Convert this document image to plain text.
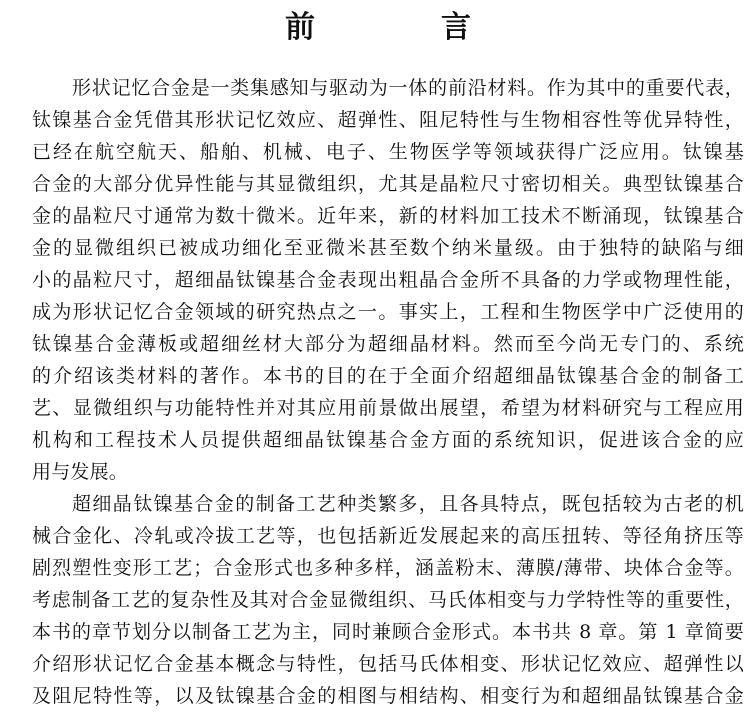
前　言
形状记忆合金是一类集感知与驱动为一体的前沿材料。作为其中的重要代表，
钛镍基合金凭借其形状记忆效应、超弹性、阻尼特性与生物相容性等优异特性，
已经在航空航天、船舶、机械、电子、生物医学等领域获得广泛应用。钛镍基
合金的大部分优异性能与其显微组织，尤其是晶粒尺寸密切相关。典型钛镍基合
金的晶粒尺寸通常为数十微米。近年来，新的材料加工技术不断涌现，钛镍基合
金的显微组织已被成功细化至亚微米甚至数个纳米量级。由于独特的缺陷与细
小的晶粒尺寸，超细晶钛镍基合金表现出粗晶合金所不具备的力学或物理性能，
成为形状记忆合金领域的研究热点之一。事实上，工程和生物医学中广泛使用的
钛镍基合金薄板或超细丝材大部分为超细晶材料。然而至今尚无专门的、系统
的介绍该类材料的著作。本书的目的在于全面介绍超细晶钛镍基合金的制备工
艺、显微组织与功能特性并对其应用前景做出展望，希望为材料研究与工程应用
机构和工程技术人员提供超细晶钛镍基合金方面的系统知识，促进该合金的应
用与发展。
超细晶钛镍基合金的制备工艺种类繁多，且各具特点，既包括较为古老的机
械合金化、冷轧或冷拔工艺等，也包括新近发展起来的高压扭转、等径角挤压等
剧烈塑性变形工艺；合金形式也多种多样，涵盖粉末、薄膜/薄带、块体合金等。
考虑制备工艺的复杂性及其对合金显微组织、马氏体相变与力学特性等的重要性，
本书的章节划分以制备工艺为主，同时兼顾合金形式。本书共 8 章。第 1 章简要
介绍形状记忆合金基本概念与特性，包括马氏体相变、形状记忆效应、超弹性以
及阻尼特性等，以及钛镍基合金的相图与相结构、相变行为和超细晶钛镍基合金
